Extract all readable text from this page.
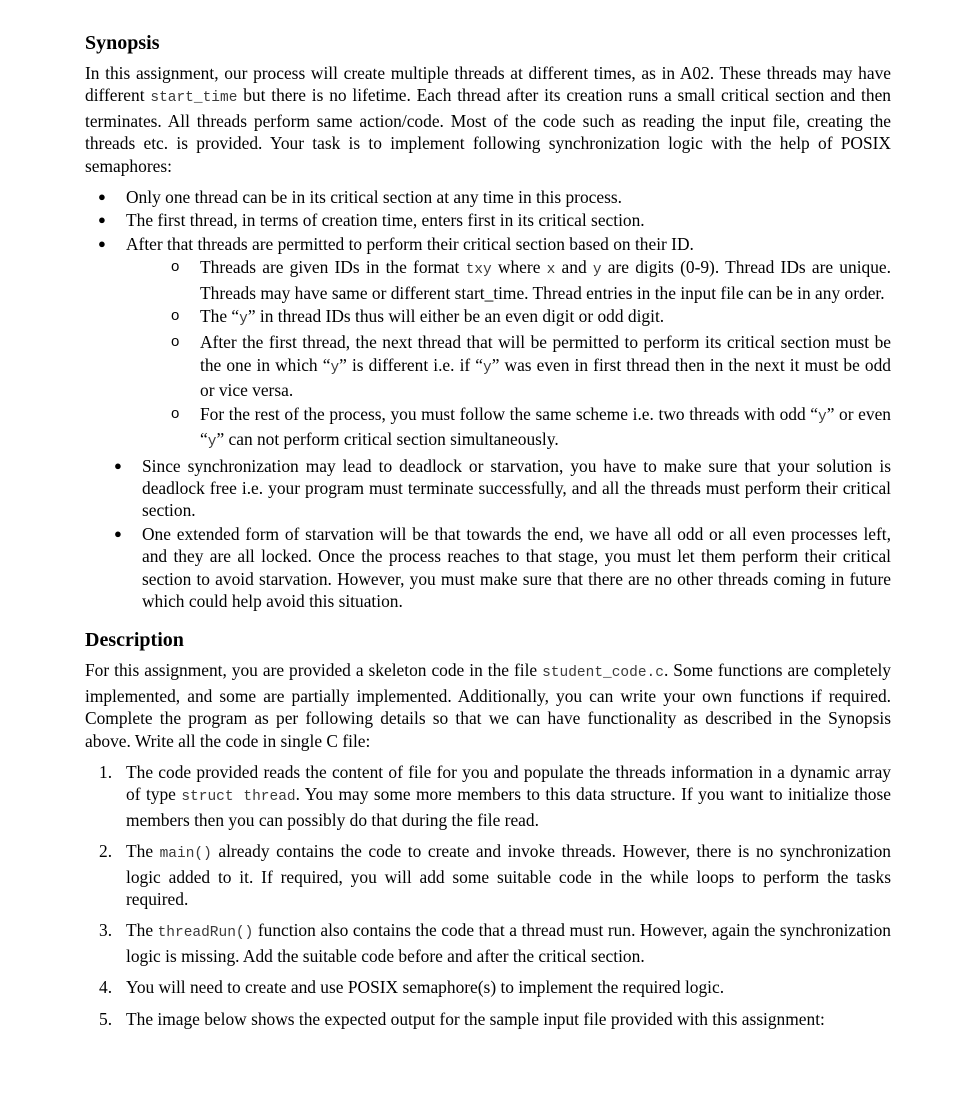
Synopsis

In this assignment, our process will create multiple threads at different times, as in A02. These threads may have different start_time but there is no lifetime. Each thread after its creation runs a small critical section and then terminates. All threads perform same action/code. Most of the code such as reading the input file, creating the threads etc. is provided. Your task is to implement following synchronization logic with the help of POSIX semaphores:

● Only one thread can be in its critical section at any time in this process.
● The first thread, in terms of creation time, enters first in its critical section.
● After that threads are permitted to perform their critical section based on their ID.
o Threads are given IDs in the format txy where x and y are digits (0-9). Thread IDs are unique. Threads may have same or different start_time. Thread entries in the input file can be in any order.
o The “y” in thread IDs thus will either be an even digit or odd digit.
o After the first thread, the next thread that will be permitted to perform its critical section must be the one in which “y” is different i.e. if “y” was even in first thread then in the next it must be odd or vice versa.
o For the rest of the process, you must follow the same scheme i.e. two threads with odd “y” or even “y” can not perform critical section simultaneously.
● Since synchronization may lead to deadlock or starvation, you have to make sure that your solution is deadlock free i.e. your program must terminate successfully, and all the threads must perform their critical section.
● One extended form of starvation will be that towards the end, we have all odd or all even processes left, and they are all locked. Once the process reaches to that stage, you must let them perform their critical section to avoid starvation. However, you must make sure that there are no other threads coming in future which could help avoid this situation.
Description

For this assignment, you are provided a skeleton code in the file student_code.c. Some functions are completely implemented, and some are partially implemented. Additionally, you can write your own functions if required. Complete the program as per following details so that we can have functionality as described in the Synopsis above. Write all the code in single C file:

1. The code provided reads the content of file for you and populate the threads information in a dynamic array of type struct thread. You may some more members to this data structure. If you want to initialize those members then you can possibly do that during the file read.
2. The main() already contains the code to create and invoke threads. However, there is no synchronization logic added to it. If required, you will add some suitable code in the while loops to perform the tasks required.
3. The threadRun() function also contains the code that a thread must run. However, again the synchronization logic is missing. Add the suitable code before and after the critical section.
4. You will need to create and use POSIX semaphore(s) to implement the required logic.
5. The image below shows the expected output for the sample input file provided with this assignment:
